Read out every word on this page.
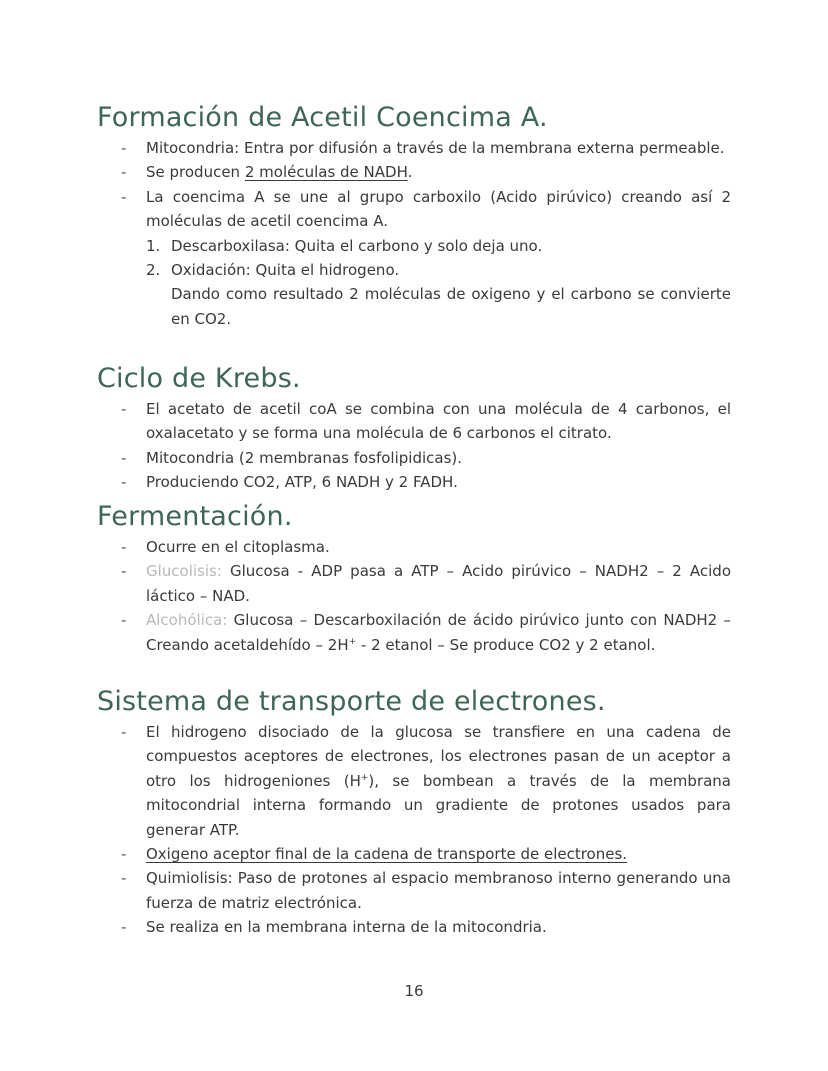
Formación de Acetil Coencima A.
- Mitocondria: Entra por difusión a través de la membrana externa permeable.
- Se producen 2 moléculas de NADH.
- La coencima A se une al grupo carboxilo (Acido pirúvico) creando así 2 moléculas de acetil coencima A.
1. Descarboxilasa: Quita el carbono y solo deja uno.
2. Oxidación: Quita el hidrogeno.
Dando como resultado 2 moléculas de oxigeno y el carbono se convierte en CO2.
Ciclo de Krebs.
- El acetato de acetil coA se combina con una molécula de 4 carbonos, el oxalacetato y se forma una molécula de 6 carbonos el citrato.
- Mitocondria (2 membranas fosfolipidicas).
- Produciendo CO2, ATP, 6 NADH y 2 FADH.
Fermentación.
- Ocurre en el citoplasma.
- Glucolisis: Glucosa - ADP pasa a ATP – Acido pirúvico – NADH2 – 2 Acido láctico – NAD.
- Alcohólica: Glucosa – Descarboxilación de ácido pirúvico junto con NADH2 – Creando acetaldehído – 2H+ - 2 etanol – Se produce CO2 y 2 etanol.
Sistema de transporte de electrones.
- El hidrogeno disociado de la glucosa se transfiere en una cadena de compuestos aceptores de electrones, los electrones pasan de un aceptor a otro los hidrogeniones (H+), se bombean a través de la membrana mitocondrial interna formando un gradiente de protones usados para generar ATP.
- Oxigeno aceptor final de la cadena de transporte de electrones.
- Quimiolisis: Paso de protones al espacio membranoso interno generando una fuerza de matriz electrónica.
- Se realiza en la membrana interna de la mitocondria.
16
